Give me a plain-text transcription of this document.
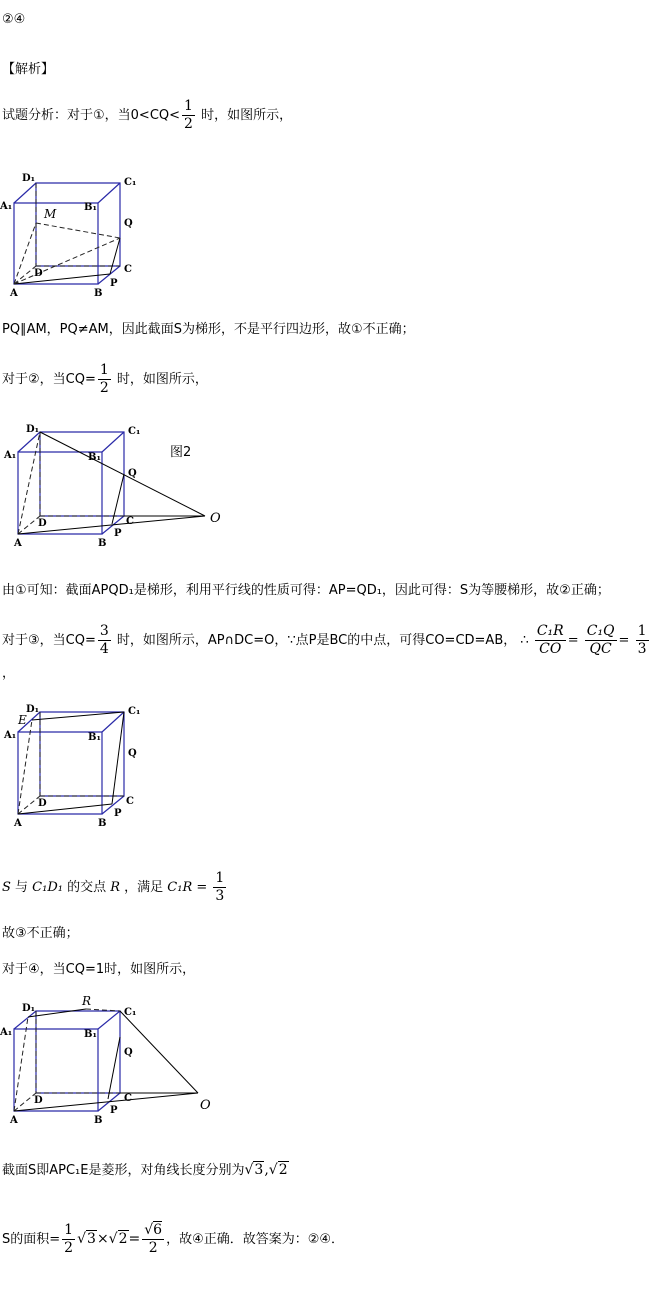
②④
【解析】
试题分析：对于①，当$0<CQ< \frac{1}{2}$ 时，如图所示，
A₁
D₁	C₁
B₁
M
Q
D	C
P
A	B
PQ∥AM，PQ≠AM，因此截面S为梯形，不是平行四边形，故①不正确；
对于②，当$CQ= \frac{1}{2}$ 时，如图所示，
A₁
D₁	C₁
B₁
Q
D	C
P
A	B
O
图2
由①可知：截面APQD₁是梯形，利用平行线的性质可得：AP=QD₁，因此可得：S为等腰梯形，故②正确；
对于③，当$CQ= \frac{3}{4}$ 时，如图所示，AP∩DC=O，∵点P是BC的中点，可得CO=CD=AB， ∴ $\frac{\text{C₁R}}{CO} = \frac{\text{C₁Q}}{QC} = \frac{1}{3}$
，
A₁
D₁
E
C₁
B₁
Q
D	C
P
A	B
S 与 C₁D₁ 的交点 R ，满足 $C_1R = \frac{1}{3}$
故③不正确；
对于④，当CQ=1时，如图所示，
A₁
D₁
R
C₁
B₁
Q
D	C
P
A	B
O
截面S即APC₁E是菱形，对角线长度分别为√3,√2
S的面积= $\frac{1}{2} √3\times√2= \frac{√6}{2}$ ，故④正确．故答案为：②④．
